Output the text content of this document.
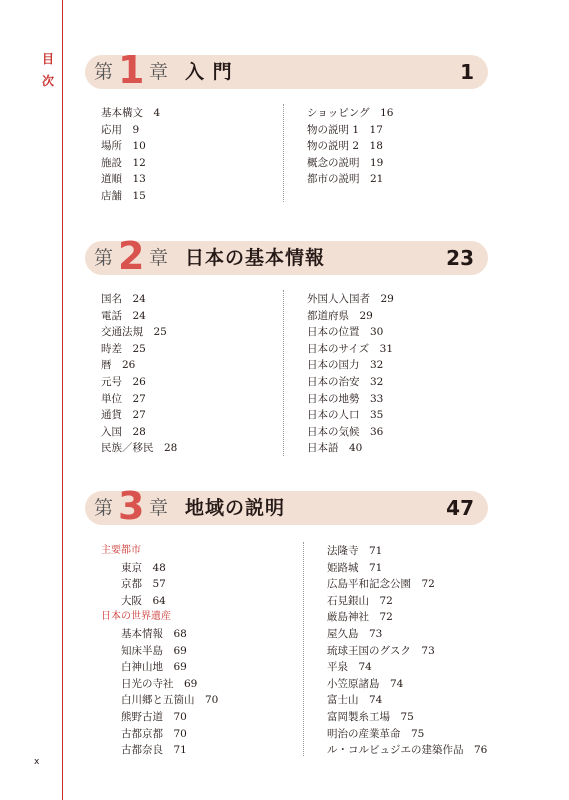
目
次 第 1 章 入 門	1
基本構文　4
応用　9
場所　10
施設　12
道順　13
店舗　15
ショッピング　16
物の説明 1　17
物の説明 2　18
概念の説明　19
都市の説明　21
第 2 章 日本の基本情報	23
国名　24
電話　24
交通法規　25
時差　25
暦　26
元号　26
単位　27
通貨　27
入国　28
民族／移民　28
外国人入国者　29
都道府県　29
日本の位置　30
日本のサイズ　31
日本の国力　32
日本の治安　32
日本の地勢　33
日本の人口　35
日本の気候　36
日本語　40
第 3 章 地域の説明	47
主要都市
東京　48
京都　57
大阪　64
日本の世界遺産
基本情報　68
知床半島　69
白神山地　69
日光の寺社　69
白川郷と五箇山　70
熊野古道　70
古都京都　70
古都奈良　71
法隆寺　71
姫路城　71
広島平和記念公園　72
石見銀山　72
厳島神社　72
屋久島　73
琉球王国のグスク　73
平泉　74
小笠原諸島　74
富士山　74
富岡製糸工場　75
明治の産業革命　75
ル・コルビュジエの建築作品　76
x
